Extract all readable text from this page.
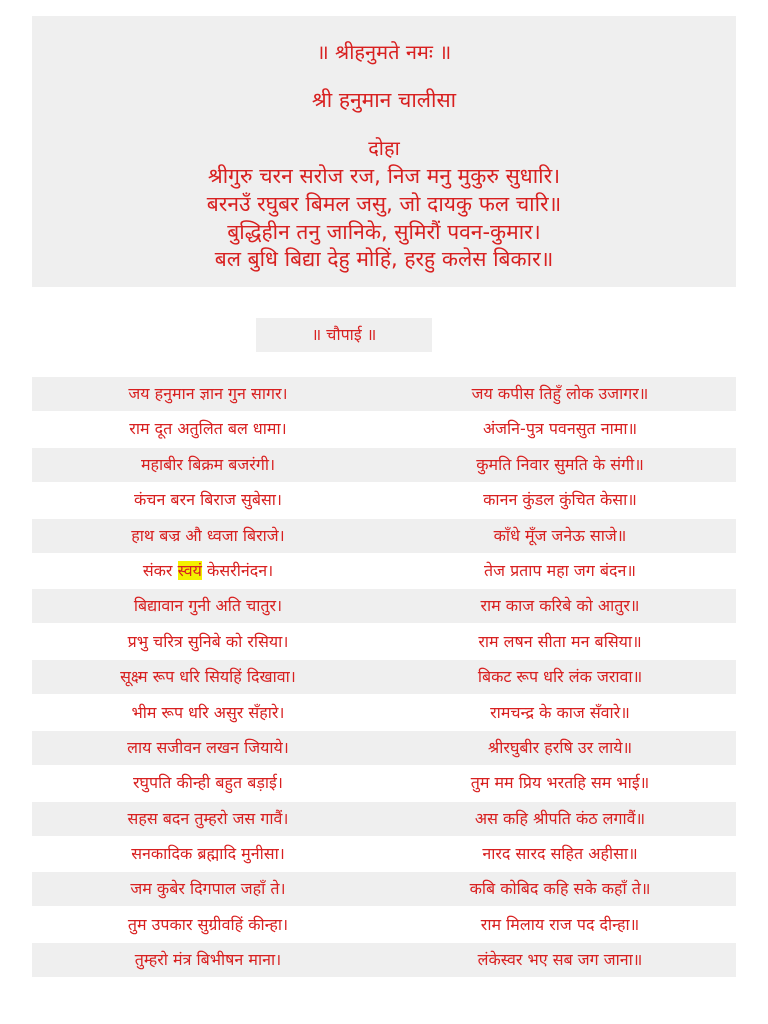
॥ श्रीहनुमते नमः ॥
श्री हनुमान चालीसा
दोहा
श्रीगुरु चरन सरोज रज, निज मनु मुकुरु सुधारि।
बरनउँ रघुबर बिमल जसु, जो दायकु फल चारि॥
बुद्धिहीन तनु जानिके, सुमिरौं पवन-कुमार।
बल बुधि बिद्या देहु मोहिं, हरहु कलेस बिकार॥
॥ चौपाई ॥
जय हनुमान ज्ञान गुन सागर।	जय कपीस तिहुँ लोक उजागर॥
राम दूत अतुलित बल धामा।	अंजनि-पुत्र पवनसुत नामा॥
महाबीर बिक्रम बजरंगी।	कुमति निवार सुमति के संगी॥
कंचन बरन बिराज सुबेसा।	कानन कुंडल कुंचित केसा॥
हाथ बज्र औ ध्वजा बिराजे।	काँधे मूँज जनेऊ साजे॥
संकर स्वयं केसरीनंदन।	तेज प्रताप महा जग बंदन॥
बिद्यावान गुनी अति चातुर।	राम काज करिबे को आतुर॥
प्रभु चरित्र सुनिबे को रसिया।	राम लषन सीता मन बसिया॥
सूक्ष्म रूप धरि सियहिं दिखावा।	बिकट रूप धरि लंक जरावा॥
भीम रूप धरि असुर सँहारे।	रामचन्द्र के काज सँवारे॥
लाय सजीवन लखन जियाये।	श्रीरघुबीर हरषि उर लाये॥
रघुपति कीन्ही बहुत बड़ाई।	तुम मम प्रिय भरतहि सम भाई॥
सहस बदन तुम्हरो जस गावैं।	अस कहि श्रीपति कंठ लगावैं॥
सनकादिक ब्रह्मादि मुनीसा।	नारद सारद सहित अहीसा॥
जम कुबेर दिगपाल जहाँ ते।	कबि कोबिद कहि सके कहाँ ते॥
तुम उपकार सुग्रीवहिं कीन्हा।	राम मिलाय राज पद दीन्हा॥
तुम्हरो मंत्र बिभीषन माना।	लंकेस्वर भए सब जग जाना॥
